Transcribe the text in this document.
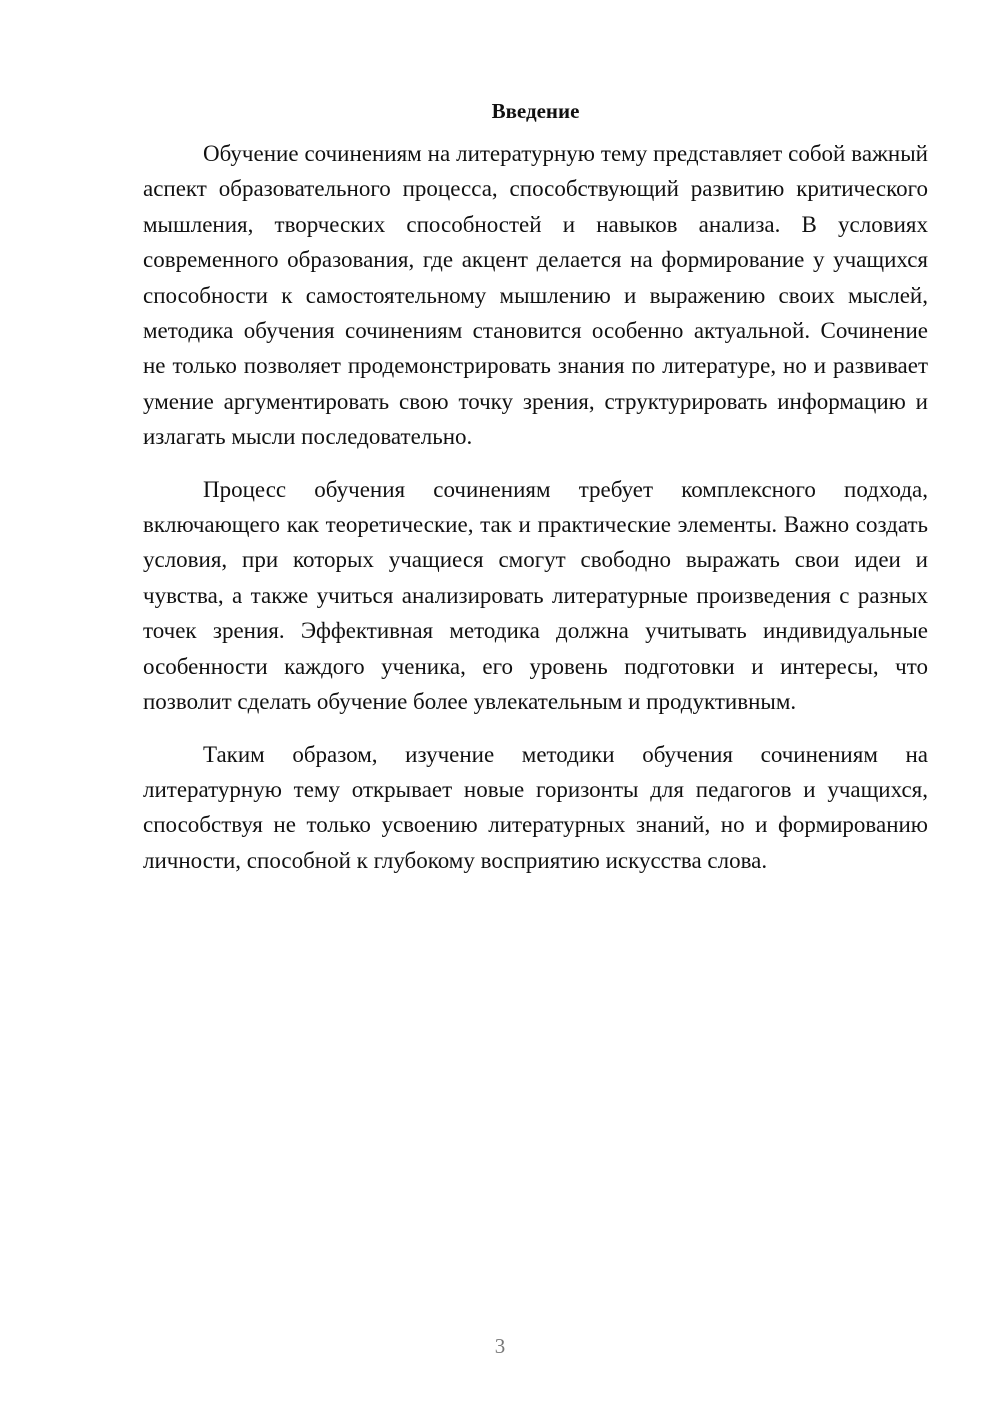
Введение

Обучение сочинениям на литературную тему представляет собой важный аспект образовательного процесса, способствующий развитию критического мышления, творческих способностей и навыков анализа. В условиях современного образования, где акцент делается на формирование у учащихся способности к самостоятельному мышлению и выражению своих мыслей, методика обучения сочинениям становится особенно актуальной. Сочинение не только позволяет продемонстрировать знания по литературе, но и развивает умение аргументировать свою точку зрения, структурировать информацию и излагать мысли последовательно.

Процесс обучения сочинениям требует комплексного подхода, включающего как теоретические, так и практические элементы. Важно создать условия, при которых учащиеся смогут свободно выражать свои идеи и чувства, а также учиться анализировать литературные произведения с разных точек зрения. Эффективная методика должна учитывать индивидуальные особенности каждого ученика, его уровень подготовки и интересы, что позволит сделать обучение более увлекательным и продуктивным.

Таким образом, изучение методики обучения сочинениям на литературную тему открывает новые горизонты для педагогов и учащихся, способствуя не только усвоению литературных знаний, но и формированию личности, способной к глубокому восприятию искусства слова.

3
